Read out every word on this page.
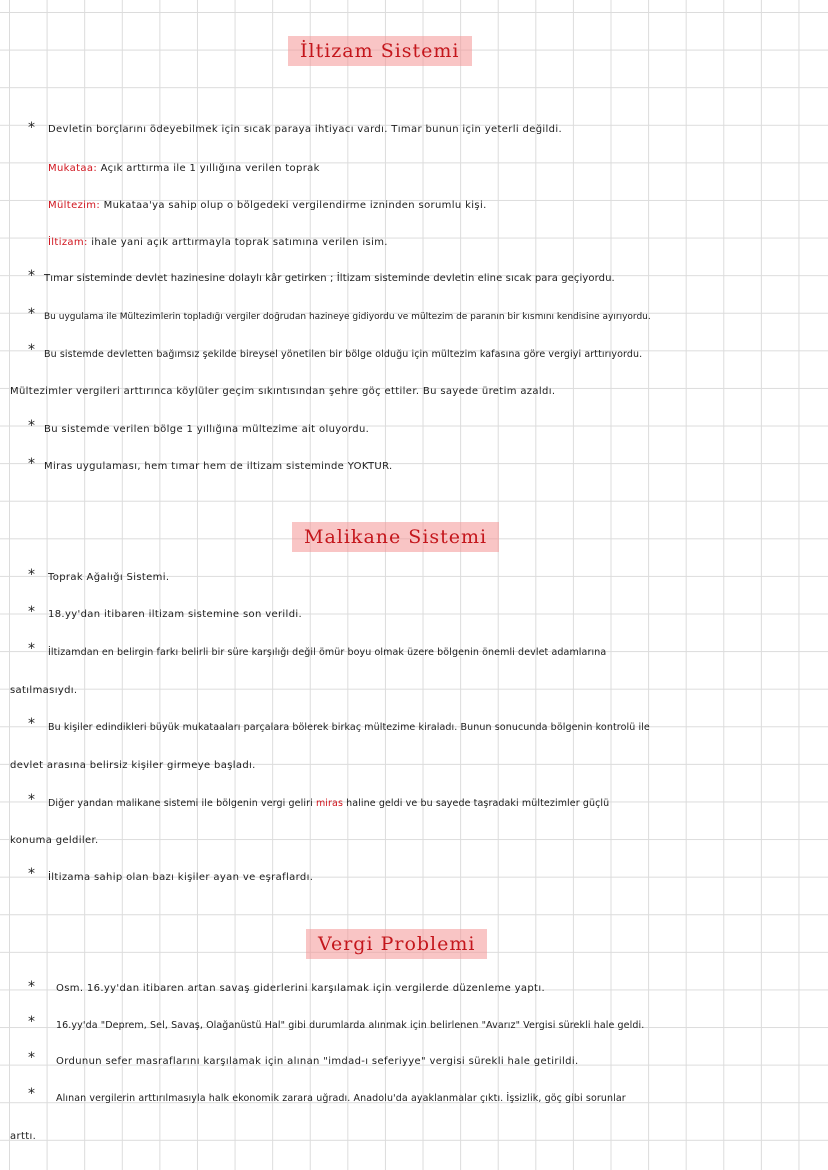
İltizam Sistemi
* Devletin borçlarını ödeyebilmek için sıcak paraya ihtiyacı vardı. Tımar bunun için yeterli değildi.
Mukataa: Açık arttırma ile 1 yıllığına verilen toprak
Mültezim: Mukataa'ya sahip olup o bölgedeki vergilendirme izninden sorumlu kişi.
İltizam: ihale yani açık arttırmayla toprak satımına verilen isim.
* Tımar sisteminde devlet hazinesine dolaylı kâr getirken ; İltizam sisteminde devletin eline sıcak para geçiyordu.
* Bu uygulama ile Mültezimlerin topladığı vergiler doğrudan hazineye gidiyordu ve mültezim de paranın bir kısmını kendisine ayırıyordu.
* Bu sistemde devletten bağımsız şekilde bireysel yönetilen bir bölge olduğu için mültezim kafasına göre vergiyi arttırıyordu.
Mültezimler vergileri arttırınca köylüler geçim sıkıntısından şehre göç ettiler. Bu sayede üretim azaldı.
* Bu sistemde verilen bölge 1 yıllığına mültezime ait oluyordu.
* Miras uygulaması, hem tımar hem de iltizam sisteminde YOKTUR.
Malikane Sistemi
* Toprak Ağalığı Sistemi.
* 18.yy'dan itibaren iltizam sistemine son verildi.
* İltizamdan en belirgin farkı belirli bir süre karşılığı değil ömür boyu olmak üzere bölgenin önemli devlet adamlarına
satılmasıydı.
* Bu kişiler edindikleri büyük mukataaları parçalara bölerek birkaç mültezime kiraladı. Bunun sonucunda bölgenin kontrolü ile
devlet arasına belirsiz kişiler girmeye başladı.
* Diğer yandan malikane sistemi ile bölgenin vergi geliri miras haline geldi ve bu sayede taşradaki mültezimler güçlü
konuma geldiler.
* İltizama sahip olan bazı kişiler ayan ve eşraflardı.
Vergi Problemi
* Osm. 16.yy'dan itibaren artan savaş giderlerini karşılamak için vergilerde düzenleme yaptı.
* 16.yy'da "Deprem, Sel, Savaş, Olağanüstü Hal" gibi durumlarda alınmak için belirlenen "Avarız" Vergisi sürekli hale geldi.
* Ordunun sefer masraflarını karşılamak için alınan "imdad-ı seferiyye" vergisi sürekli hale getirildi.
* Alınan vergilerin arttırılmasıyla halk ekonomik zarara uğradı. Anadolu'da ayaklanmalar çıktı. İşsizlik, göç gibi sorunlar
arttı.
